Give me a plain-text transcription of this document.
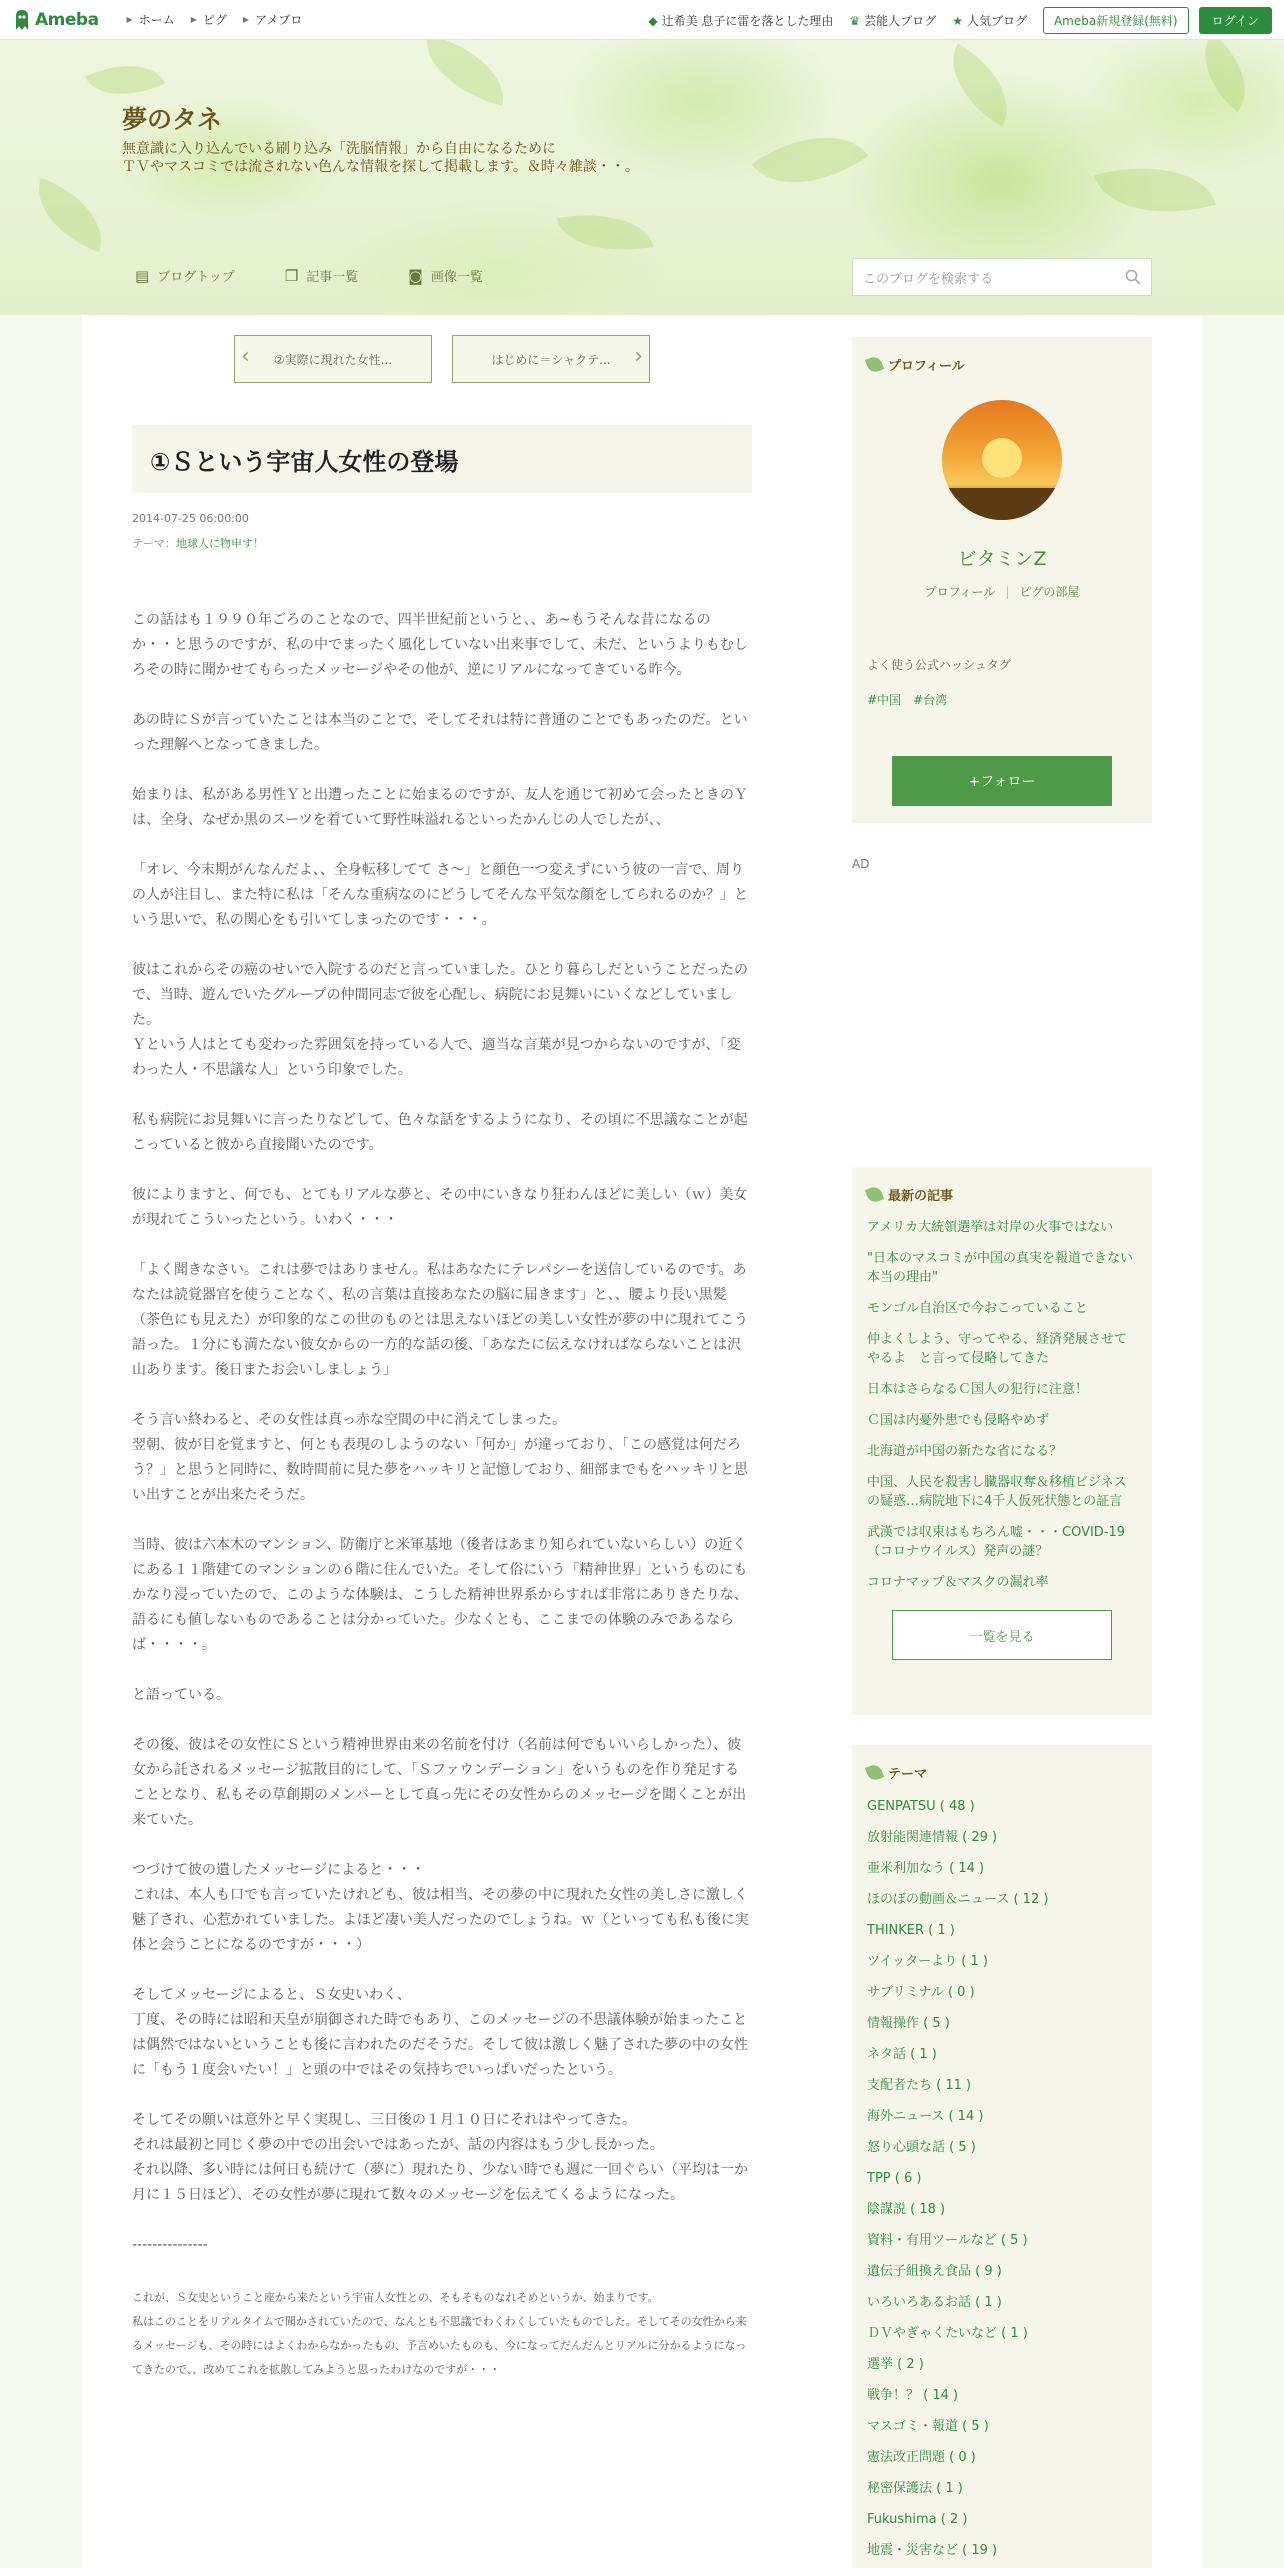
Ameba	▶ ホーム ▶ ピグ ▶ アメブロ	◆ 辻希美 息子に雷を落とした理由 ♛ 芸能人ブログ ★ 人気ブログ	Ameba新規登録(無料)	ログイン
夢のタネ
無意識に入り込んでいる刷り込み「洗脳情報」から自由になるために
ＴＶやマスコミでは流されない色んな情報を探して掲載します。＆時々雑談・・。
▤ ブログトップ	❐ 記事一覧	◙ 画像一覧	このブログを検索する
‹ ②実際に現れた女性...	はじめに＝シャクテ... ›
①Ｓという宇宙人女性の登場
2014-07-25 06:00:00
テーマ：地球人に物申す！

この話はも１９９０年ごろのことなので、四半世紀前というと、、あ~もうそんな昔になるのか・・と思うのですが、私の中でまったく風化していない出来事でして、未だ、というよりもむしろその時に聞かせてもらったメッセージやその他が、逆にリアルになってきている昨今。

あの時にＳが言っていたことは本当のことで、そしてそれは特に普通のことでもあったのだ。といった理解へとなってきました。

始まりは、私がある男性Ｙと出遭ったことに始まるのですが、友人を通じて初めて会ったときのＹは、全身、なぜか黒のスーツを着ていて野性味溢れるといったかんじの人でしたが、、

「オレ、今末期がんなんだよ、、全身転移してて さ～」と顔色一つ変えずにいう彼の一言で、周りの人が注目し、また特に私は「そんな重病なのにどうしてそんな平気な顔をしてられるのか？」という思いで、私の関心をも引いてしまったのです・・・。

彼はこれからその癌のせいで入院するのだと言っていました。ひとり暮らしだということだったので、当時、遊んでいたグループの仲間同志で彼を心配し、病院にお見舞いにいくなどしていました。
Ｙという人はとても変わった雰囲気を持っている人で、適当な言葉が見つからないのですが、「変わった人・不思議な人」という印象でした。

私も病院にお見舞いに言ったりなどして、色々な話をするようになり、その頃に不思議なことが起こっていると彼から直接聞いたのです。

彼によりますと、何でも、とてもリアルな夢と、その中にいきなり狂わんほどに美しい（ｗ）美女が現れてこういったという。いわく・・・

「よく聞きなさい。これは夢ではありません。私はあなたにテレパシーを送信しているのです。あなたは読覚器官を使うことなく、私の言葉は直接あなたの脳に届きます」と、、腰より長い黒髪（茶色にも見えた）が印象的なこの世のものとは思えないほどの美しい女性が夢の中に現れてこう語った。１分にも満たない彼女からの一方的な話の後、「あなたに伝えなければならないことは沢山あります。後日またお会いしましょう」

そう言い終わると、その女性は真っ赤な空間の中に消えてしまった。
翌朝、彼が目を覚ますと、何とも表現のしようのない「何か」が違っており、「この感覚は何だろう？」と思うと同時に、数時間前に見た夢をハッキリと記憶しており、細部までもをハッキリと思い出すことが出来たそうだ。

当時、彼は六本木のマンション、防衛庁と米軍基地（後者はあまり知られていないらしい）の近くにある１１階建てのマンションの６階に住んでいた。そして俗にいう「精神世界」というものにもかなり浸っていたので、このような体験は、こうした精神世界系からすれば非常にありきたりな、語るにも値しないものであることは分かっていた。少なくとも、ここまでの体験のみであるならば・・・・。

と語っている。

その後、彼はその女性にＳという精神世界由来の名前を付け（名前は何でもいいらしかった）、彼女から託されるメッセージ拡散目的にして、「Ｓファウンデーション」をいうものを作り発足することとなり、私もその草創期のメンバーとして真っ先にその女性からのメッセージを聞くことが出来ていた。

つづけて彼の遺したメッセージによると・・・
これは、本人も口でも言っていたけれども、彼は相当、その夢の中に現れた女性の美しさに激しく魅了され、心惹かれていました。よほど凄い美人だったのでしょうね。ｗ（といっても私も後に実体と会うことになるのですが・・・）

そしてメッセージによると、Ｓ女史いわく、
丁度、その時には昭和天皇が崩御された時でもあり、このメッセージの不思議体験が始まったことは偶然ではないということも後に言われたのだそうだ。そして彼は激しく魅了された夢の中の女性に「もう１度会いたい！」と頭の中ではその気持ちでいっぱいだったという。

そしてその願いは意外と早く実現し、三日後の１月１０日にそれはやってきた。
それは最初と同じく夢の中での出会いではあったが、話の内容はもう少し長かった。
それ以降、多い時には何日も続けて（夢に）現れたり、少ない時でも週に一回ぐらい（平均は一か月に１５日ほど）、その女性が夢に現れて数々のメッセージを伝えてくるようになった。

---------------

これが、Ｓ女史ということ座から来たという宇宙人女性との、そもそものなれそめというか、始まりです。

私はこのことをリアルタイムで聞かされていたので、なんとも不思議でわくわくしていたものでした。そしてその女性から来るメッセージも、その時にはよくわからなかったもの、予言めいたものも、今になってだんだんとリアルに分かるようになってきたので、、改めてこれを拡散してみようと思ったわけなのですが・・・

プロフィール
ビタミンZ
プロフィール | ピグの部屋
よく使う公式ハッシュタグ
#中国 #台湾
+フォロー
AD
最新の記事
アメリカ大統領選挙は対岸の火事ではない
"日本のマスコミが中国の真実を報道できない本当の理由"
モンゴル自治区で今おこっていること
仲よくしよう、守ってやる、経済発展させてやるよ　と言って侵略してきた
日本はさらなるＣ国人の犯行に注意！
Ｃ国は内憂外患でも侵略やめず
北海道が中国の新たな省になる？
中国、人民を殺害し臓器収奪＆移植ビジネスの疑惑…病院地下に4千人仮死状態との証言
武漢では収束はもちろん嘘・・・COVID-19（コロナウイルス）発声の謎？
コロナマップ＆マスクの漏れ率
一覧を見る
テーマ
GENPATSU ( 48 )
放射能関連情報 ( 29 )
亜米利加なう ( 14 )
ほのぼの動画＆ニュース ( 12 )
THINKER ( 1 )
ツイッターより ( 1 )
サブリミナル ( 0 )
情報操作 ( 5 )
ネタ話 ( 1 )
支配者たち ( 11 )
海外ニュース ( 14 )
怒り心頭な話 ( 5 )
TPP ( 6 )
陰謀説 ( 18 )
資料・有用ツールなど ( 5 )
遺伝子組換え食品 ( 9 )
いろいろあるお話 ( 1 )
ＤＶやぎゃくたいなど ( 1 )
選挙 ( 2 )
戦争！？ ( 14 )
マスゴミ・報道 ( 5 )
憲法改正問題 ( 0 )
秘密保護法 ( 1 )
Fukushima ( 2 )
地震・災害など ( 19 )
